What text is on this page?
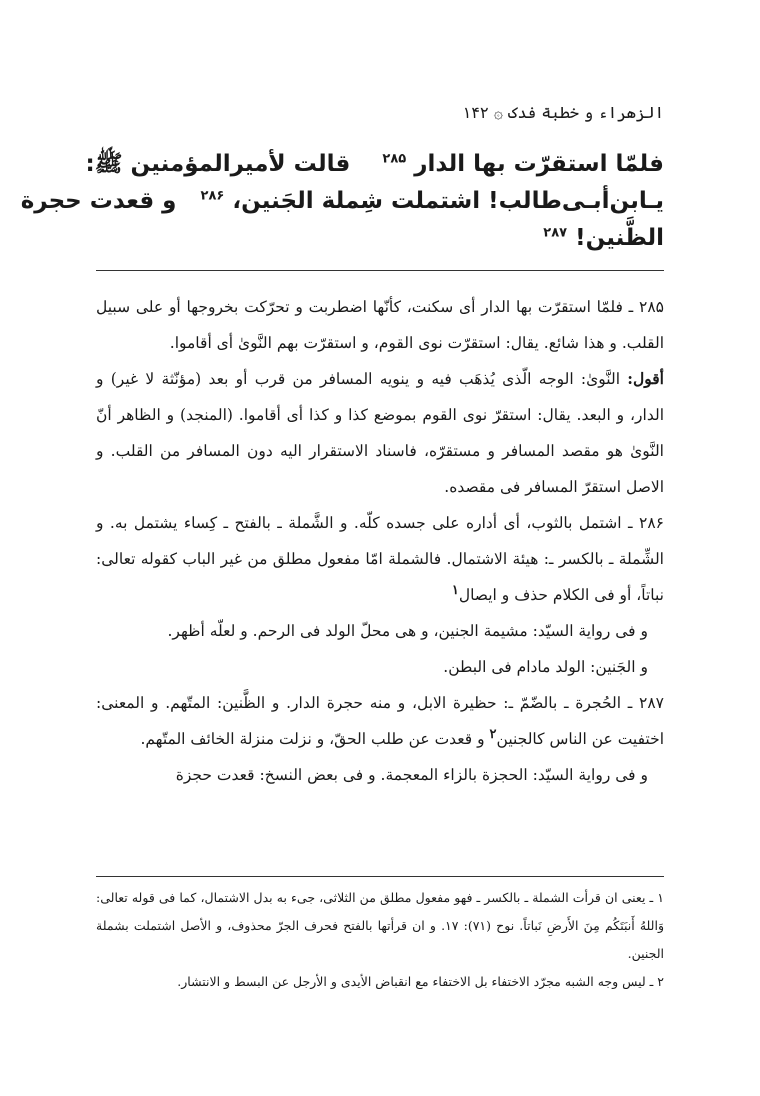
الزهراء و خطبة فدک ۞ ۱۴۲
فلمّا استقرّت بها الدار $^{۲۸۵}$    قالت لأميرالمؤمنين ﷺ:
يـابن‌أبـى‌طالب! اشتملت شِملة الجَنين، $^{۲۸۶}$   و قعدت حجرة
الظَّنين! $^{۲۸۷}$

۲۸۵ ـ فلمّا استقرّت بها الدار أى سكنت، كأنّها اضطربت و تحرّكت بخروجها أو على سبيل القلب. و هذا شائع. يقال: استقرّت نوى القوم، و استقرّت بهم النَّوىٰ أى أقاموا.

أقول: النَّوىٰ: الوجه الّذى يُذهَب فيه و ينويه المسافر من قرب أو بعد (مؤنّثة لا غير) و الدار، و البعد. يقال: استقرّ نوى القوم بموضع كذا و كذا أى أقاموا. (المنجد) و الظاهر أنّ النَّوىٰ هو مقصد المسافر و مستقرّه، فاسناد الاستقرار اليه دون المسافر من القلب. و الاصل استقرّ المسافر فى مقصده.

۲۸۶ ـ اشتمل بالثوب، أى أداره على جسده كلّه. و الشَّملة ـ بالفتح ـ كِساء يشتمل به. و الشِّملة ـ بالكسر ـ: هيئة الاشتمال. فالشملة امّا مفعول مطلق من غير الباب كقوله تعالى: نباتاً، أو فى الكلام حذف و ايصال$^۱$

و فى رواية السيّد: مشيمة الجنين، و هى محلّ الولد فى الرحم. و لعلّه أظهر.

و الجَنين: الولد مادام فى البطن.

۲۸۷ ـ الحُجرة ـ بالضّمّ ـ: حظيرة الابل، و منه حجرة الدار. و الظَّنين: المتّهم. و المعنى: اختفيت عن الناس كالجنين$^۲$ و قعدت عن طلب الحقّ، و نزلت منزلة الخائف المتّهم.

و فى رواية السيّد: الحجزة بالزاء المعجمة. و فى بعض النسخ: قعدت حجزة

۱ ـ يعنى ان قرأت الشملة ـ بالكسر ـ فهو مفعول مطلق من الثلاثى، جىء به بدل الاشتمال، كما فى قوله تعالى: وَاللهُ أَنبَتَكُم مِنَ الأَرضِ نَباتاً. نوح (۷۱): ۱۷. و ان قرأتها بالفتح فحرف الجرّ محذوف، و الأصل اشتملت بشملة الجنين.

۲ ـ ليس وجه الشبه مجرّد الاختفاء بل الاختفاء مع انقباض الأيدى و الأرجل عن البسط و الانتشار.
